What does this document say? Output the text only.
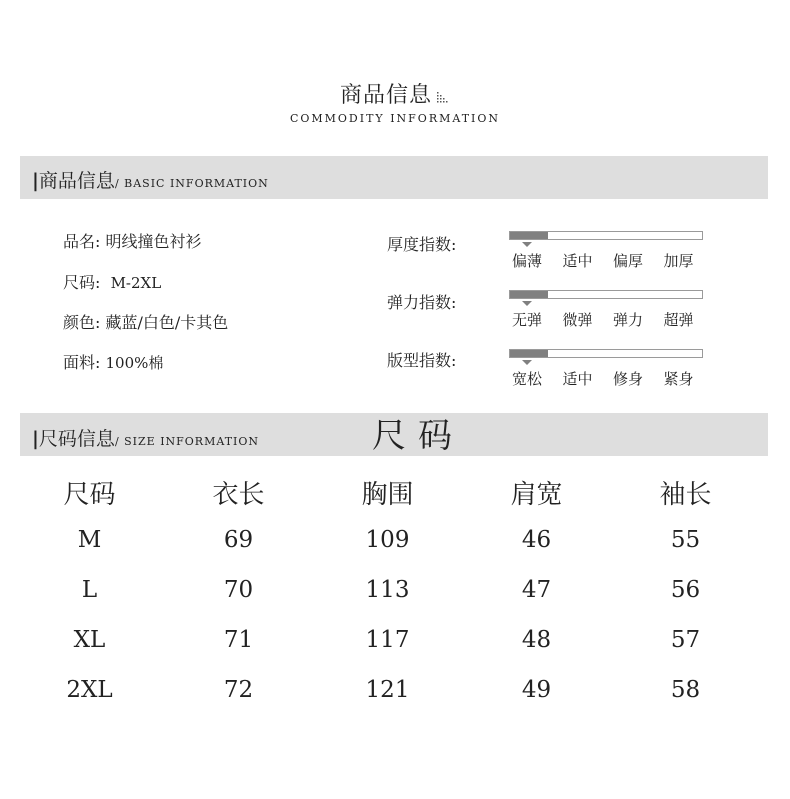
商品信息
COMMODITY INFORMATION
|商品信息/ BASIC INFORMATION
品名: 明线撞色衬衫
尺码: M-2XL
颜色: 藏蓝/白色/卡其色
面料: 100%棉
厚度指数:
偏薄 适中 偏厚 加厚
弹力指数:
无弹 微弹 弹力 超弹
版型指数:
宽松 适中 修身 紧身
|尺码信息/ SIZE INFORMATION	尺码
尺码	衣长	胸围	肩宽	袖长
M	69	109	46	55
L	70	113	47	56
XL	71	117	48	57
2XL	72	121	49	58
